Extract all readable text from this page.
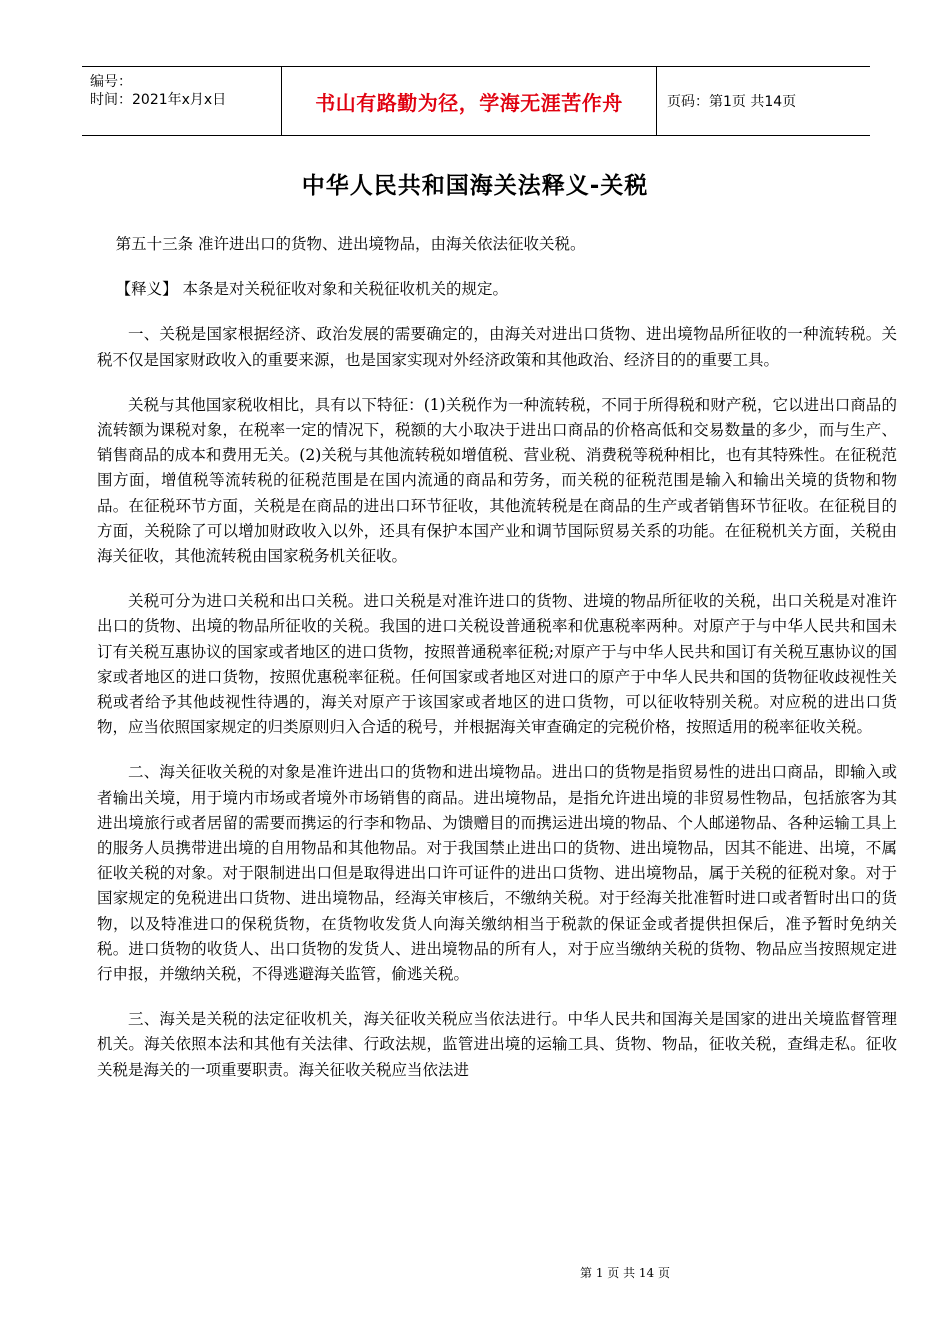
编号：
时间：2021年x月x日	书山有路勤为径，学海无涯苦作舟	页码：第1页 共14页
中华人民共和国海关法释义-关税

第五十三条 准许进出口的货物、进出境物品，由海关依法征收关税。

【释义】 本条是对关税征收对象和关税征收机关的规定。

一、关税是国家根据经济、政治发展的需要确定的，由海关对进出口货物、进出境物品所征收的一种流转税。关税不仅是国家财政收入的重要来源，也是国家实现对外经济政策和其他政治、经济目的的重要工具。

关税与其他国家税收相比，具有以下特征：(1)关税作为一种流转税，不同于所得税和财产税，它以进出口商品的流转额为课税对象，在税率一定的情况下，税额的大小取决于进出口商品的价格高低和交易数量的多少，而与生产、销售商品的成本和费用无关。(2)关税与其他流转税如增值税、营业税、消费税等税种相比，也有其特殊性。在征税范围方面，增值税等流转税的征税范围是在国内流通的商品和劳务，而关税的征税范围是输入和输出关境的货物和物品。在征税环节方面，关税是在商品的进出口环节征收，其他流转税是在商品的生产或者销售环节征收。在征税目的方面，关税除了可以增加财政收入以外，还具有保护本国产业和调节国际贸易关系的功能。在征税机关方面，关税由海关征收，其他流转税由国家税务机关征收。

关税可分为进口关税和出口关税。进口关税是对准许进口的货物、进境的物品所征收的关税，出口关税是对准许出口的货物、出境的物品所征收的关税。我国的进口关税设普通税率和优惠税率两种。对原产于与中华人民共和国未订有关税互惠协议的国家或者地区的进口货物，按照普通税率征税;对原产于与中华人民共和国订有关税互惠协议的国家或者地区的进口货物，按照优惠税率征税。任何国家或者地区对进口的原产于中华人民共和国的货物征收歧视性关税或者给予其他歧视性待遇的，海关对原产于该国家或者地区的进口货物，可以征收特别关税。对应税的进出口货物，应当依照国家规定的归类原则归入合适的税号，并根据海关审查确定的完税价格，按照适用的税率征收关税。

二、海关征收关税的对象是准许进出口的货物和进出境物品。进出口的货物是指贸易性的进出口商品，即输入或者输出关境，用于境内市场或者境外市场销售的商品。进出境物品，是指允许进出境的非贸易性物品，包括旅客为其进出境旅行或者居留的需要而携运的行李和物品、为馈赠目的而携运进出境的物品、个人邮递物品、各种运输工具上的服务人员携带进出境的自用物品和其他物品。对于我国禁止进出口的货物、进出境物品，因其不能进、出境，不属征收关税的对象。对于限制进出口但是取得进出口许可证件的进出口货物、进出境物品，属于关税的征税对象。对于国家规定的免税进出口货物、进出境物品，经海关审核后，不缴纳关税。对于经海关批准暂时进口或者暂时出口的货物，以及特准进口的保税货物，在货物收发货人向海关缴纳相当于税款的保证金或者提供担保后，准予暂时免纳关税。进口货物的收货人、出口货物的发货人、进出境物品的所有人，对于应当缴纳关税的货物、物品应当按照规定进行申报，并缴纳关税，不得逃避海关监管，偷逃关税。

三、海关是关税的法定征收机关，海关征收关税应当依法进行。中华人民共和国海关是国家的进出关境监督管理机关。海关依照本法和其他有关法律、行政法规，监管进出境的运输工具、货物、物品，征收关税，查缉走私。征收关税是海关的一项重要职责。海关征收关税应当依法进

第 1 页 共 14 页
